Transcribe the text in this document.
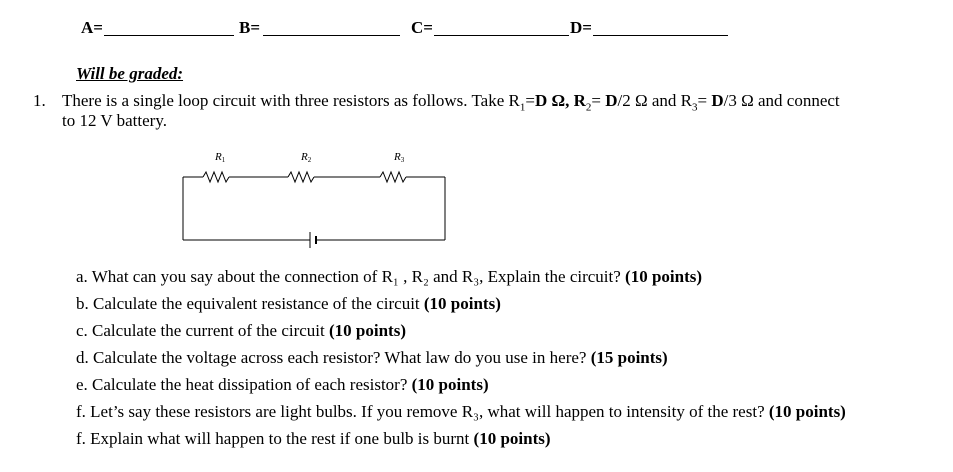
A=	B=	C=	D=
Will be graded:
1. There is a single loop circuit with three resistors as follows. Take $R_1=D$ Ω, $R_2= D/2$ Ω and $R_3= D/3$ Ω and connect
to 12 V battery.
R1	R2	R3
a. What can you say about the connection of R₁ , R₂ and R₃, Explain the circuit? (10 points)
b. Calculate the equivalent resistance of the circuit (10 points)
c. Calculate the current of the circuit (10 points)
d. Calculate the voltage across each resistor? What law do you use in here? (15 points)
e. Calculate the heat dissipation of each resistor? (10 points)
f. Let’s say these resistors are light bulbs. If you remove R₃, what will happen to intensity of the rest? (10 points)
f. Explain what will happen to the rest if one bulb is burnt (10 points)
